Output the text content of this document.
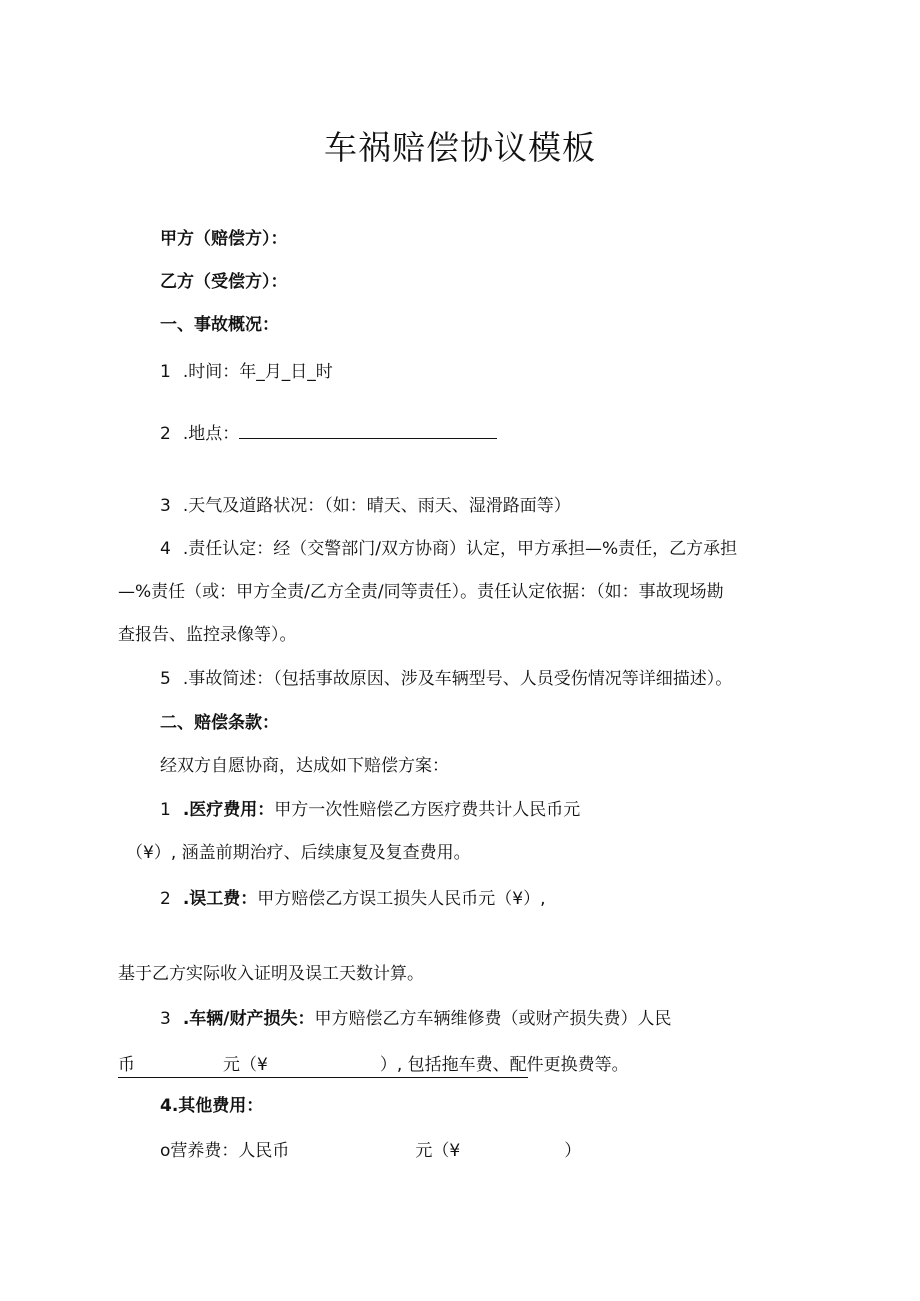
车祸赔偿协议模板
甲方（赔偿方）：
乙方（受偿方）：
一、事故概况：
1 .时间：年_月_日_时
2 .地点：
3 .天气及道路状况：（如：晴天、雨天、湿滑路面等）
4 .责任认定：经（交警部门/双方协商）认定，甲方承担—%责任，乙方承担
—%责任（或：甲方全责/乙方全责/同等责任）。责任认定依据：（如：事故现场勘
查报告、监控录像等）。
5 .事故简述：（包括事故原因、涉及车辆型号、人员受伤情况等详细描述）。
二、赔偿条款：
经双方自愿协商，达成如下赔偿方案：
1 .医疗费用：甲方一次性赔偿乙方医疗费共计人民币元
（¥）, 涵盖前期治疗、后续康复及复查费用。
2 .误工费：甲方赔偿乙方误工损失人民币元（¥）,
基于乙方实际收入证明及误工天数计算。
3 .车辆/财产损失：甲方赔偿乙方车辆维修费（或财产损失费）人民
币	元（¥	）, 包括拖车费、配件更换费等。
4.其他费用：
o营养费：人民币	元（¥	）
